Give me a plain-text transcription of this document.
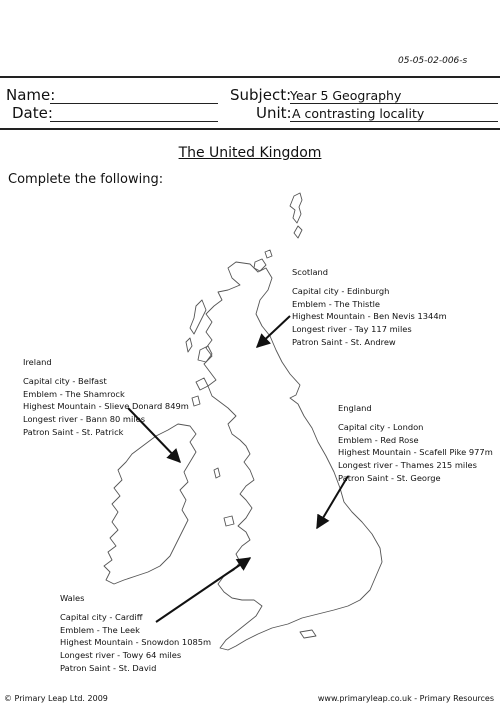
05-05-02-006-s
Name:
Date:
Subject:
Year 5 Geography
Unit: A contrasting locality
The United Kingdom
Complete the following:
Scotland
Capital city - Edinburgh
Emblem - The Thistle
Highest Mountain - Ben Nevis 1344m
Longest river - Tay 117 miles
Patron Saint - St. Andrew
Ireland
Capital city - Belfast
Emblem - The Shamrock
Highest Mountain - Slieve Donard 849m
Longest river - Bann 80 miles
Patron Saint - St. Patrick
England
Capital city - London
Emblem - Red Rose
Highest Mountain - Scafell Pike 977m
Longest river - Thames 215 miles
Patron Saint - St. George
Wales
Capital city - Cardiff
Emblem - The Leek
Highest Mountain - Snowdon 1085m
Longest river - Towy 64 miles
Patron Saint - St. David
© Primary Leap Ltd. 2009	www.primaryleap.co.uk - Primary Resources
